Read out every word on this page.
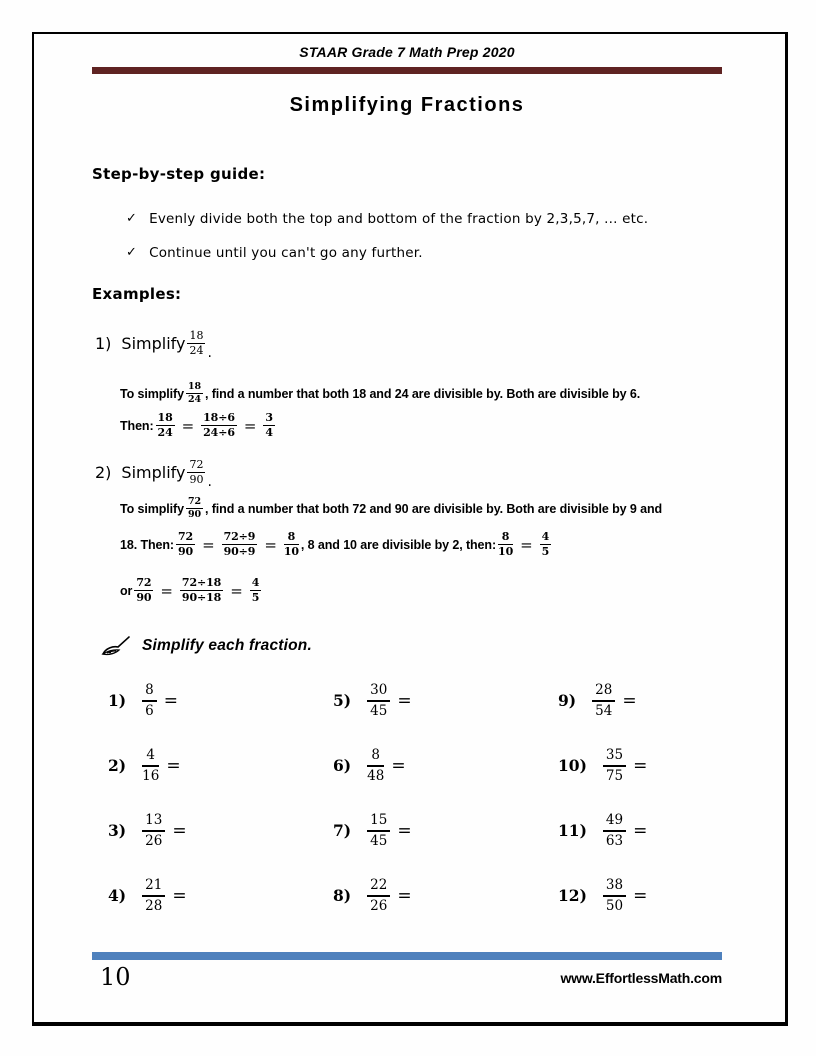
STAAR Grade 7 Math Prep 2020
Simplifying Fractions
Step-by-step guide:
✓ Evenly divide both the top and bottom of the fraction by 2,3,5,7, ... etc.
✓ Continue until you can't go any further.
Examples:
1) Simplify $\frac{18}{24}$ .
To simplify $\frac{18}{24}$ , find a number that both 18 and 24 are divisible by. Both are divisible by 6.
Then: $\frac{18}{24} = \frac{18\div 6}{24\div 6} = \frac{3}{4}$
2) Simplify $\frac{72}{90}$ .
To simplify $\frac{72}{90}$ , find a number that both 72 and 90 are divisible by. Both are divisible by 9 and
18. Then: $\frac{72}{90} = \frac{72\div 9}{90\div 9} = \frac{8}{10}$ , 8 and 10 are divisible by 2, then: $\frac{8}{10} = \frac{4}{5}$
or $\frac{72}{90} = \frac{72\div 18}{90\div 18} = \frac{4}{5}$
Simplify each fraction.
$1) \frac{8}{6}$ =
$2) \frac{4}{16}$ =
$3) \frac{13}{26}$ =
$4) \frac{21}{28}$ =
$5) \frac{30}{45}$ =
$6) \frac{8}{48}$ =
$7) \frac{15}{45}$ =
$8) \frac{22}{26}$ =
$9) \frac{28}{54}$ =
$10) \frac{35}{75}$ =
$11) \frac{49}{63}$ =
$12) \frac{38}{50}$ =
10	www.EffortlessMath.com
